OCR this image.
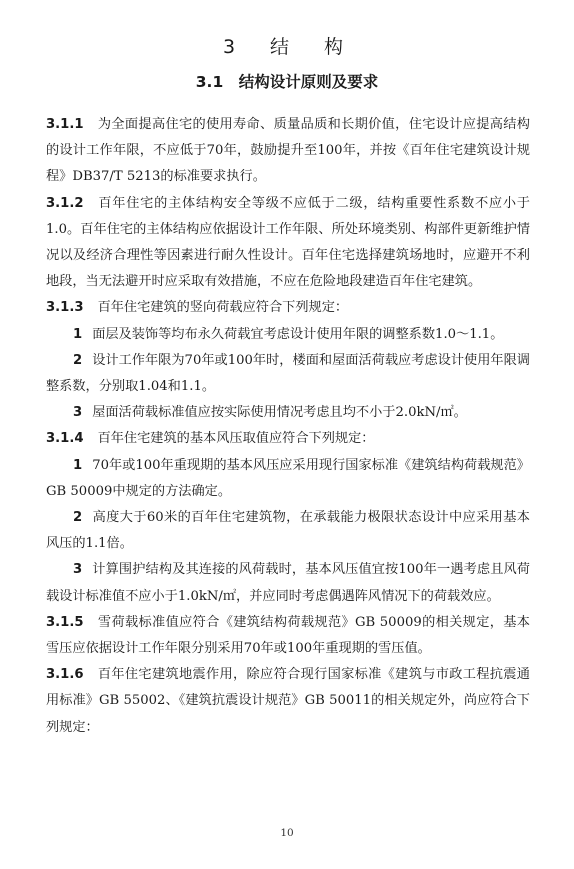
3　结　构
3.1　结构设计原则及要求

3.1.1 为全面提高住宅的使用寿命、质量品质和长期价值，住宅设计应提高结构的设计工作年限，不应低于70年，鼓励提升至100年，并按《百年住宅建筑设计规程》DB37/T 5213的标准要求执行。

3.1.2 百年住宅的主体结构安全等级不应低于二级，结构重要性系数不应小于1.0。百年住宅的主体结构应依据设计工作年限、所处环境类别、构部件更新维护情况以及经济合理性等因素进行耐久性设计。百年住宅选择建筑场地时，应避开不利地段，当无法避开时应采取有效措施，不应在危险地段建造百年住宅建筑。

3.1.3 百年住宅建筑的竖向荷载应符合下列规定：

1 面层及装饰等均布永久荷载宜考虑设计使用年限的调整系数1.0～1.1。

2 设计工作年限为70年或100年时，楼面和屋面活荷载应考虑设计使用年限调整系数，分别取1.04和1.1。

3 屋面活荷载标准值应按实际使用情况考虑且均不小于2.0kN/㎡。

3.1.4 百年住宅建筑的基本风压取值应符合下列规定：

1 70年或100年重现期的基本风压应采用现行国家标准《建筑结构荷载规范》GB 50009中规定的方法确定。

2 高度大于60米的百年住宅建筑物，在承载能力极限状态设计中应采用基本风压的1.1倍。

3 计算围护结构及其连接的风荷载时，基本风压值宜按100年一遇考虑且风荷载设计标准值不应小于1.0kN/㎡，并应同时考虑偶遇阵风情况下的荷载效应。

3.1.5 雪荷载标准值应符合《建筑结构荷载规范》GB 50009的相关规定，基本雪压应依据设计工作年限分别采用70年或100年重现期的雪压值。

3.1.6 百年住宅建筑地震作用，除应符合现行国家标准《建筑与市政工程抗震通用标准》GB 55002、《建筑抗震设计规范》GB 50011的相关规定外，尚应符合下列规定：

10
